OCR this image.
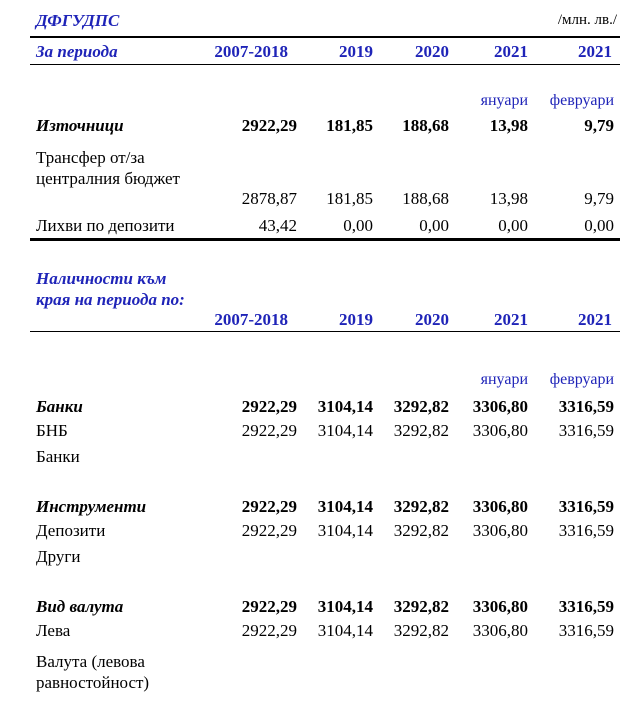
ДФГУДПС	/млн. лв./
За периода	2007-2018	2019	2020	2021	2021
януари	февруари
Източници	2922,29	181,85	188,68	13,98	9,79
Трансфер от/за централния бюджет
2878,87	181,85	188,68	13,98	9,79
Лихви по депозити	43,42	0,00	0,00	0,00	0,00
Наличности към края на периода по:
2007-2018	2019	2020	2021	2021
януари	февруари
Банки	2922,29	3104,14	3292,82	3306,80	3316,59
БНБ	2922,29	3104,14	3292,82	3306,80	3316,59
Банки
Инструменти	2922,29	3104,14	3292,82	3306,80	3316,59
Депозити	2922,29	3104,14	3292,82	3306,80	3316,59
Други
Вид валута	2922,29	3104,14	3292,82	3306,80	3316,59
Лева	2922,29	3104,14	3292,82	3306,80	3316,59
Валута (левова равностойност)
